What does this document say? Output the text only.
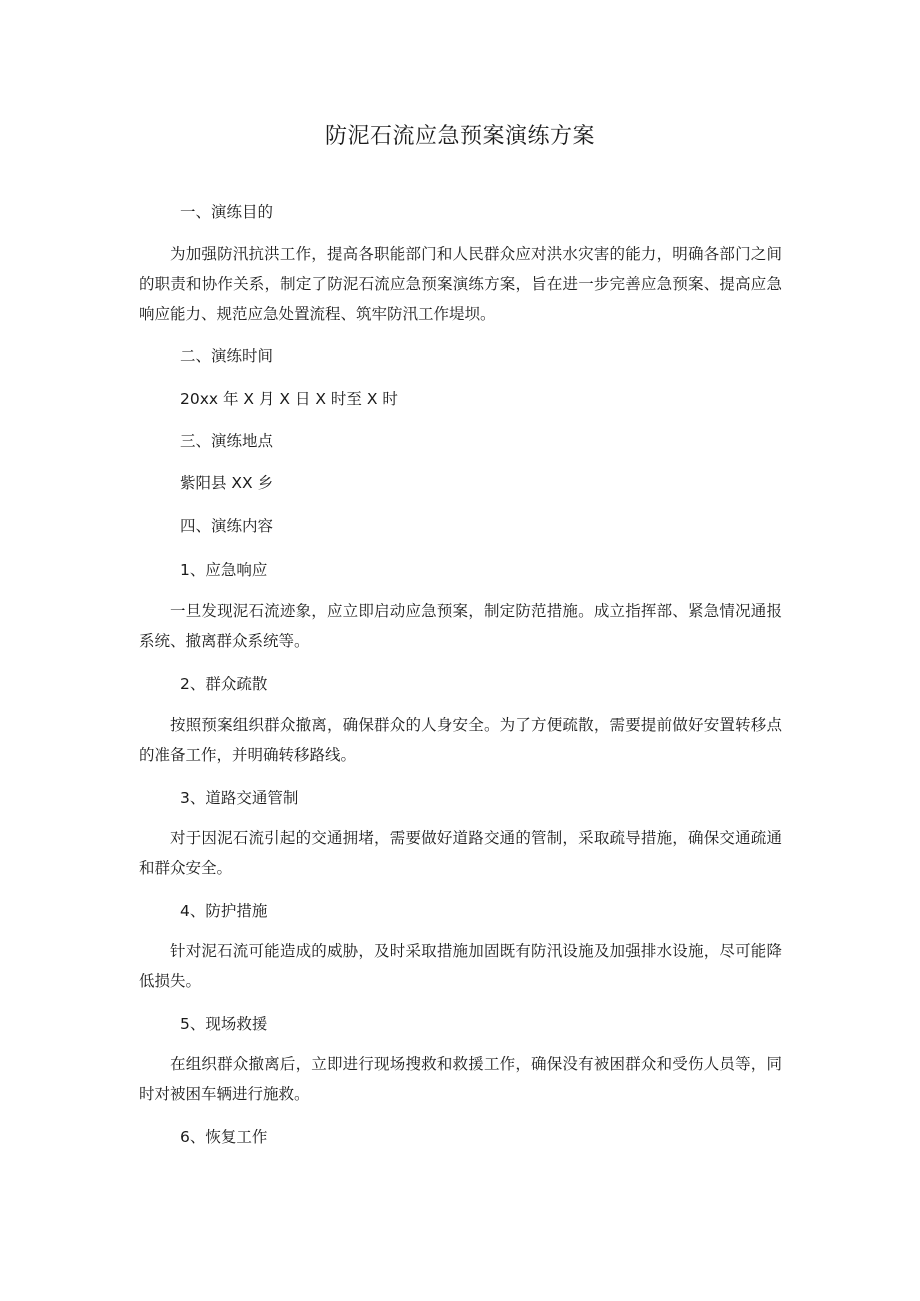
防泥石流应急预案演练方案
一、演练目的

为加强防汛抗洪工作，提高各职能部门和人民群众应对洪水灾害的能力，明确各部门之间的职责和协作关系，制定了防泥石流应急预案演练方案，旨在进一步完善应急预案、提高应急响应能力、规范应急处置流程、筑牢防汛工作堤坝。

二、演练时间
20xx 年 X 月 X 日 X 时至 X 时
三、演练地点
紫阳县 XX 乡
四、演练内容
1、应急响应

一旦发现泥石流迹象，应立即启动应急预案，制定防范措施。成立指挥部、紧急情况通报系统、撤离群众系统等。

2、群众疏散

按照预案组织群众撤离，确保群众的人身安全。为了方便疏散，需要提前做好安置转移点的准备工作，并明确转移路线。

3、道路交通管制

对于因泥石流引起的交通拥堵，需要做好道路交通的管制，采取疏导措施，确保交通疏通和群众安全。

4、防护措施

针对泥石流可能造成的威胁，及时采取措施加固既有防汛设施及加强排水设施，尽可能降低损失。

5、现场救援

在组织群众撤离后，立即进行现场搜救和救援工作，确保没有被困群众和受伤人员等，同时对被困车辆进行施救。

6、恢复工作
